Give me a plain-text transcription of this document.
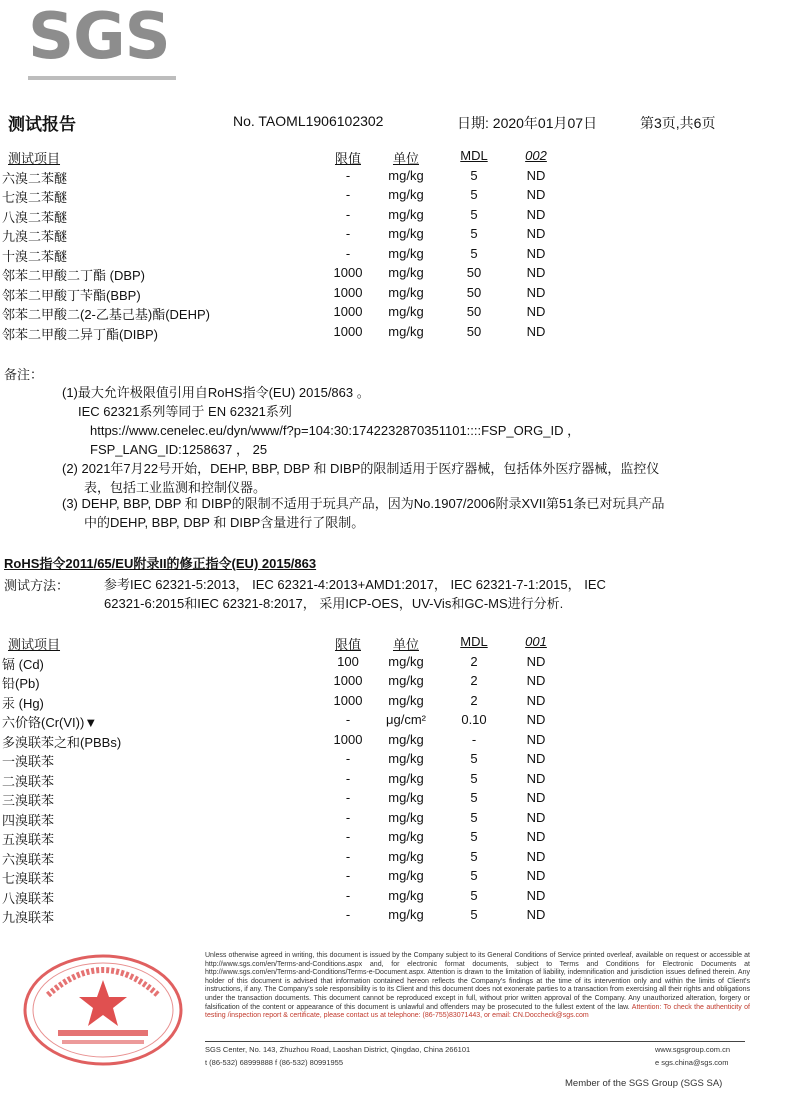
SGS
测试报告	No. TAOML1906102302	日期: 2020年01月07日	第3页,共6页
测试项目	限值	单位	MDL	002
六溴二苯醚	-	mg/kg	5	ND
七溴二苯醚	-	mg/kg	5	ND
八溴二苯醚	-	mg/kg	5	ND
九溴二苯醚	-	mg/kg	5	ND
十溴二苯醚	-	mg/kg	5	ND
邻苯二甲酸二丁酯 (DBP)	1000	mg/kg	50	ND
邻苯二甲酸丁苄酯(BBP)	1000	mg/kg	50	ND
邻苯二甲酸二(2-乙基己基)酯(DEHP)	1000	mg/kg	50	ND
邻苯二甲酸二异丁酯(DIBP)	1000	mg/kg	50	ND
备注：
(1)最大允许极限值引用自RoHS指令(EU) 2015/863 。
IEC 62321系列等同于 EN 62321系列
https://www.cenelec.eu/dyn/www/f?p=104:30:1742232870351101::::FSP_ORG_ID ，
FSP_LANG_ID:1258637 ， 25
(2) 2021年7月22号开始，DEHP, BBP, DBP 和 DIBP的限制适用于医疗器械，包括体外医疗器械，监控仪
表，包括工业监测和控制仪器。
(3) DEHP, BBP, DBP 和 DIBP的限制不适用于玩具产品，因为No.1907/2006附录XVII第51条已对玩具产品
中的DEHP, BBP, DBP 和 DIBP含量进行了限制。
RoHS指令2011/65/EU附录II的修正指令(EU) 2015/863
测试方法：	参考IEC 62321-5:2013， IEC 62321-4:2013+AMD1:2017， IEC 62321-7-1:2015， IEC
62321-6:2015和IEC 62321-8:2017， 采用ICP-OES，UV-Vis和GC-MS进行分析.
测试项目	限值	单位	MDL	001
镉 (Cd)	100	mg/kg	2	ND
铅(Pb)	1000	mg/kg	2	ND
汞 (Hg)	1000	mg/kg	2	ND
六价铬(Cr(VI))▼	-	μg/cm²	0.10	ND
多溴联苯之和(PBBs)	1000	mg/kg	-	ND
一溴联苯	-	mg/kg	5	ND
二溴联苯	-	mg/kg	5	ND
三溴联苯	-	mg/kg	5	ND
四溴联苯	-	mg/kg	5	ND
五溴联苯	-	mg/kg	5	ND
六溴联苯	-	mg/kg	5	ND
七溴联苯	-	mg/kg	5	ND
八溴联苯	-	mg/kg	5	ND
九溴联苯	-	mg/kg	5	ND
Unless otherwise agreed in writing, this document is issued by the Company subject to its General Conditions of Service printed overleaf, available on request or accessible at http://www.sgs.com/en/Terms-and-Conditions.aspx and, for electronic format documents, subject to Terms and Conditions for Electronic Documents at http://www.sgs.com/en/Terms-and-Conditions/Terms-e-Document.aspx. Attention is drawn to the limitation of liability, indemnification and jurisdiction issues defined therein. Any holder of this document is advised that information contained hereon reflects the Company's findings at the time of its intervention only and within the limits of Client's instructions, if any. The Company's sole responsibility is to its Client and this document does not exonerate parties to a transaction from exercising all their rights and obligations under the transaction documents. This document cannot be reproduced except in full, without prior written approval of the Company. Any unauthorized alteration, forgery or falsification of the content or appearance of this document is unlawful and offenders may be prosecuted to the fullest extent of the law. Attention: To check the authenticity of testing /inspection report & certificate, please contact us at telephone: (86-755)83071443, or email: CN.Doccheck@sgs.com
SGS Center, No. 143, Zhuzhou Road, Laoshan District, Qingdao, China 266101
t (86-532) 68999888 f (86-532) 80991955
www.sgsgroup.com.cn
e sgs.china@sgs.com
Member of the SGS Group (SGS SA)
